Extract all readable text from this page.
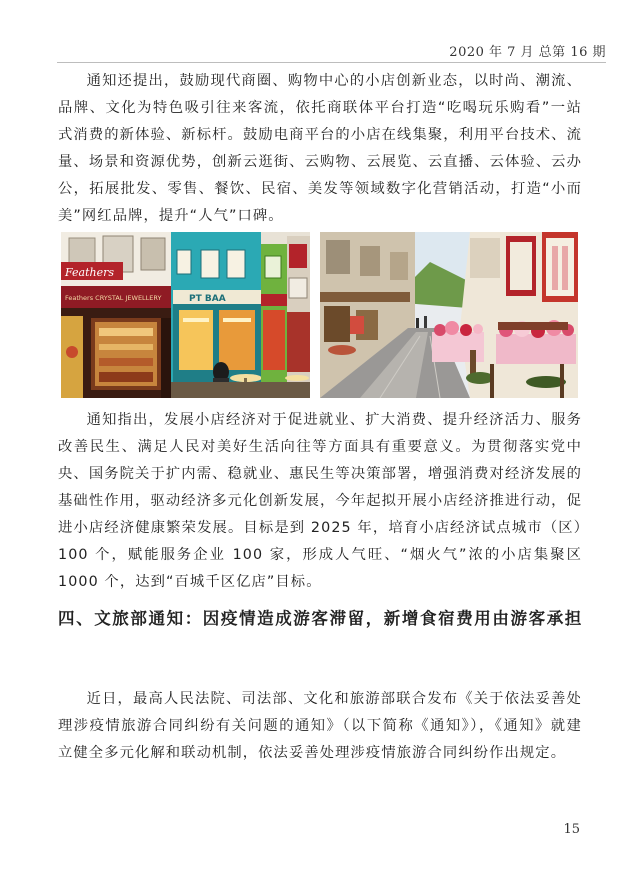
2020 年 7 月 总第 16 期

通知还提出，鼓励现代商圈、购物中心的小店创新业态，以时尚、潮流、品牌、文化为特色吸引往来客流，依托商联体平台打造“吃喝玩乐购看”一站式消费的新体验、新标杆。鼓励电商平台的小店在线集聚，利用平台技术、流量、场景和资源优势，创新云逛街、云购物、云展览、云直播、云体验、云办公，拓展批发、零售、餐饮、民宿、美发等领域数字化营销活动，打造“小而美”网红品牌，提升“人气”口碑。

Feathers
Feathers CRYSTAL JEWELLERY	PT BAA

通知指出，发展小店经济对于促进就业、扩大消费、提升经济活力、服务改善民生、满足人民对美好生活向往等方面具有重要意义。为贯彻落实党中央、国务院关于扩内需、稳就业、惠民生等决策部署，增强消费对经济发展的基础性作用，驱动经济多元化创新发展，今年起拟开展小店经济推进行动，促进小店经济健康繁荣发展。目标是到 2025 年，培育小店经济试点城市（区）100 个，赋能服务企业 100 家，形成人气旺、“烟火气”浓的小店集聚区 1000 个，达到“百城千区亿店”目标。

四、文旅部通知：因疫情造成游客滞留，新增食宿费用由游客承担

近日，最高人民法院、司法部、文化和旅游部联合发布《关于依法妥善处理涉疫情旅游合同纠纷有关问题的通知》（以下简称《通知》），《通知》就建立健全多元化解和联动机制，依法妥善处理涉疫情旅游合同纠纷作出规定。

15
